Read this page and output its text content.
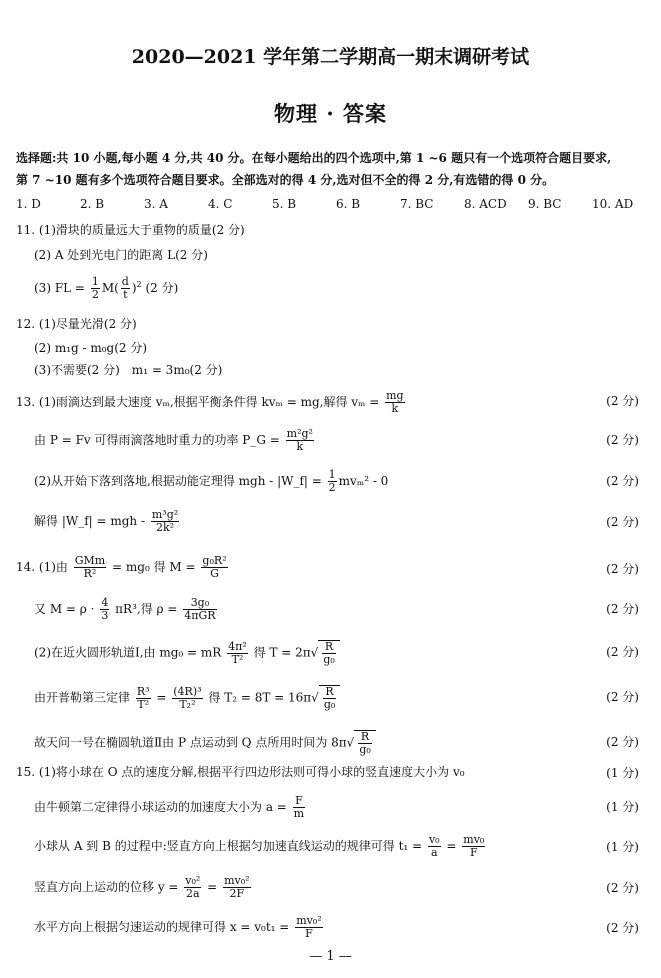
2020—2021 学年第二学期高一期末调研考试
物理 · 答案
选择题:共 10 小题,每小题 4 分,共 40 分。在每小题给出的四个选项中,第 1 ~6 题只有一个选项符合题目要求,
第 7 ~10 题有多个选项符合题目要求。全部选对的得 4 分,选对但不全的得 2 分,有选错的得 0 分。
1. D	2. B	3. A	4. C	5. B	6. B	7. BC	8. ACD 9. BC	10. AD
11. (1)滑块的质量远大于重物的质量(2 分)
(2) A 处到光电门的距离 L(2 分)
(3) FL = $\frac{1}{2} M( \frac{d}{t} )^2$ (2 分)
12. (1)尽量光滑(2 分)
(2) m₁g - m₀g(2 分)
(3)不需要(2 分)　m₁ = 3m₀(2 分)
13. (1)雨滴达到最大速度 vₘ,根据平衡条件得 kvₘ = mg,解得 $v_m = \frac{mg}{k}$	(2 分)
由 P = Fv 可得雨滴落地时重力的功率 P_G = $\frac{\text{m²g²}}{k}$	(2 分)
(2)从开始下落到落地,根据动能定理得 mgh - |W_f| = $\frac{1}{2} mv_m^2 - 0$	(2 分)
解得 |W_f| = mgh - $\frac{\text{m³g²}}{\text{2k²}}$	(2 分)
14. (1)由 $\frac{\text{GMm}}{\text{R²}} = mg_0$ 得 $M = \frac{\text{g₀R²}}{G}$	(2 分)
又 $M = \rho \cdot \frac{4}{3} \pi R^3$,得 $\rho = \frac{\text{3g₀}}{\text{4πGR}}$	(2 分)
(2)在近火圆形轨道Ⅰ,由 mg₀ = mR $\frac{\text{4π²}}{\text{T²}}$ 得 $T = 2\pi√ \frac{R}{\text{g₀}}$	(2 分)
由开普勒第三定律 $\frac{\text{R³}}{\text{T²}} = \frac{\text{(4R)³}}{\text{T₂²}}$ 得 $T_2 = 8T = 16\pi√ \frac{R}{\text{g₀}}$	(2 分)
故天问一号在椭圆轨道Ⅱ由 P 点运动到 Q 点所用时间为 $8\pi√ \frac{R}{\text{g₀}}$	(2 分)
15. (1)将小球在 O 点的速度分解,根据平行四边形法则可得小球的竖直速度大小为 v₀	(1 分)
由牛顿第二定律得小球运动的加速度大小为 $a = \frac{F}{m}$	(1 分)
小球从 A 到 B 的过程中:竖直方向上根据匀加速直线运动的规律可得 $t_1 = \frac{\text{v₀}}{a} = \frac{\text{mv₀}}{F}$	(1 分)
竖直方向上运动的位移 $y = \frac{\text{v₀²}}{2a} = \frac{\text{mv₀²}}{2F}$	(2 分)
水平方向上根据匀速运动的规律可得 $x = v_0t_1 = \frac{\text{mv₀²}}{F}$	(2 分)
— 1 —
